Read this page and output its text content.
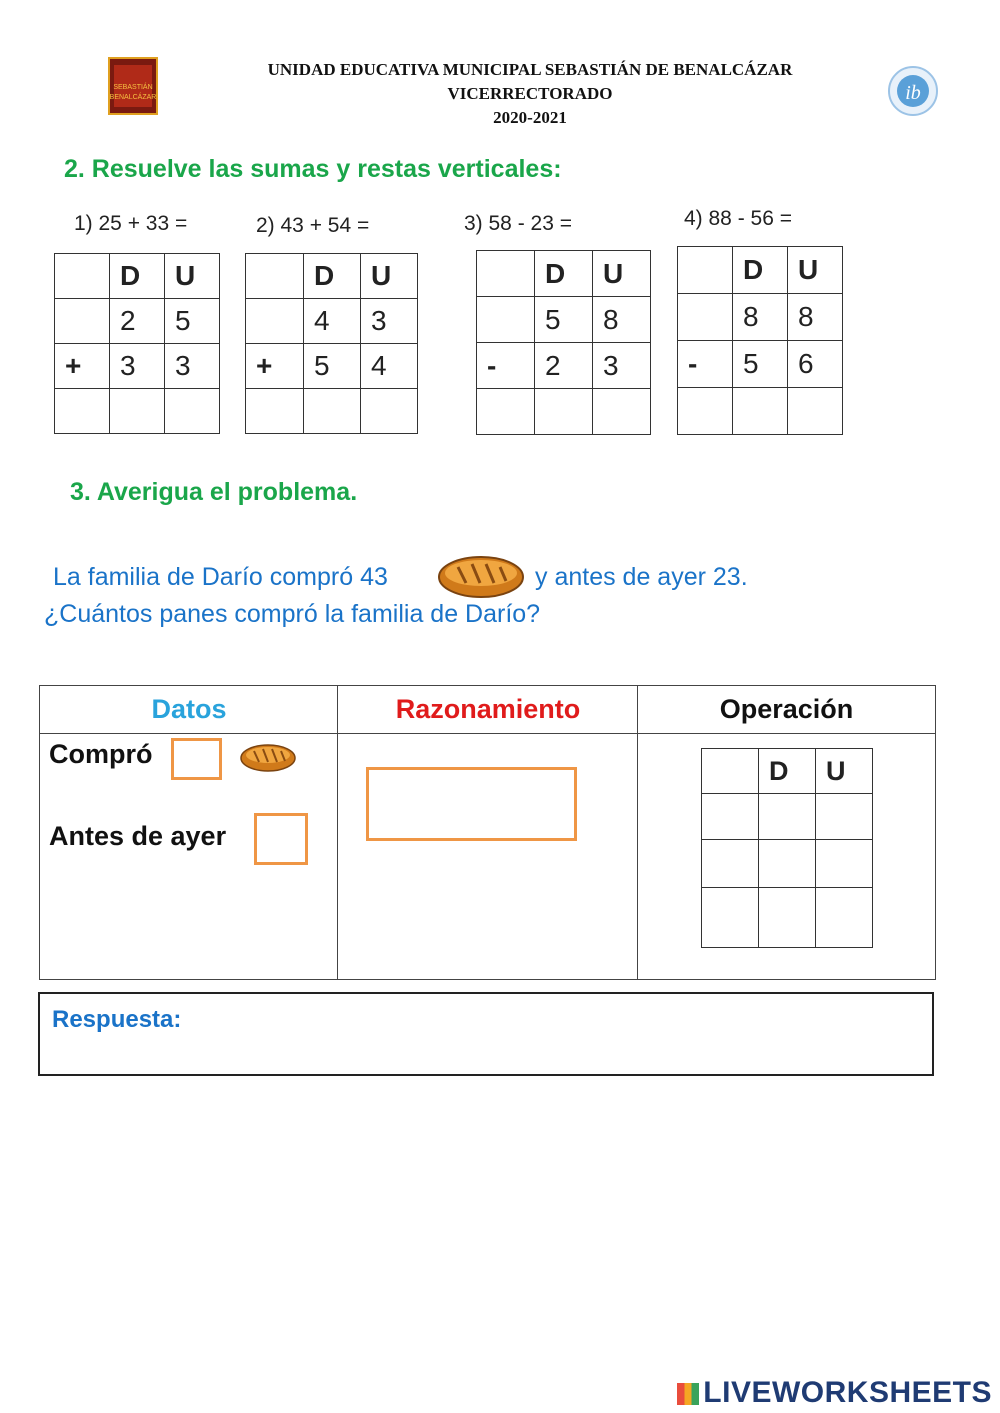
SEBASTIÁN
BENALCÁZAR
UNIDAD EDUCATIVA MUNICIPAL SEBASTIÁN DE BENALCÁZAR
VICERRECTORADO
2020-2021
ib
2. Resuelve las sumas y restas verticales:
1) 25 + 33 =	2) 43 + 54 =	3) 58 - 23 =	4) 88 - 56 =
	D	U
	2	5
+	3	3

	D	U
	4	3
+	5	4

	D	U
	5	8
-	2	3

	D	U
	8	8
-	5	6

3. Averigua el problema.
La familia de Darío compró 43	y antes de ayer 23.
¿Cuántos panes compró la familia de Darío?
Datos	Razonamiento	Operación
Compró
Antes de ayer
	D	U

Respuesta:
LIVEWORKSHEETS
